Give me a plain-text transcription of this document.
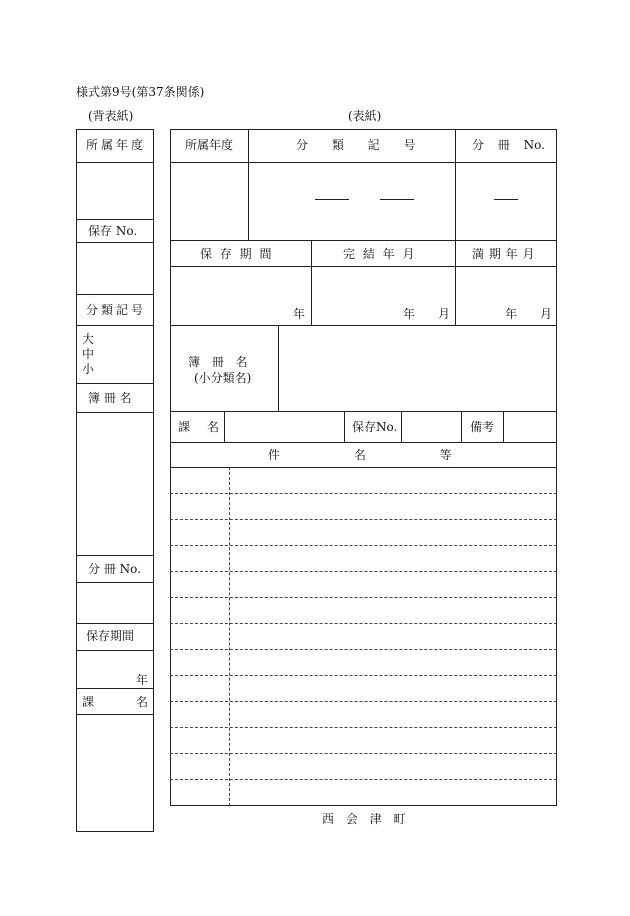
様式第9号(第37条関係)
(背表紙)	(表紙)
所属年度
保存 No.
分類記号
大
中
小
簿 冊 名
分 冊 No.
保存期間
年
課	名
所属年度	分 類 記 号	分 冊 No.
保 存 期 間	完 結 年 月	満 期 年 月
年	年 月	年 月
簿 冊 名
(小分類名)
課 名	保存No.	備考
件 名 等
西 会 津 町
